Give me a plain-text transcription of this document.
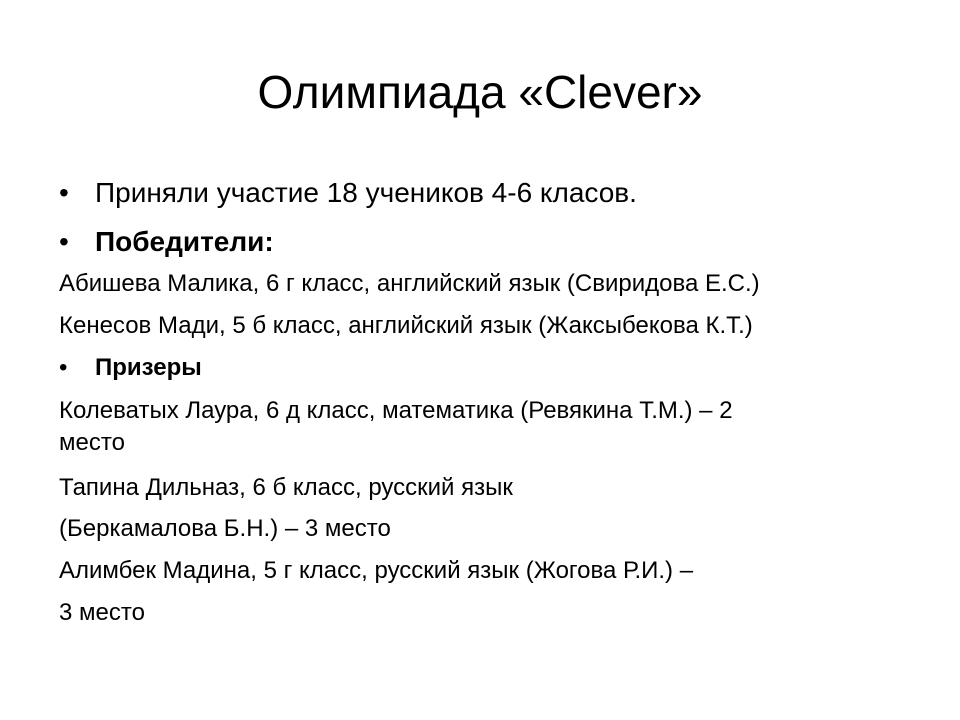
Олимпиада «Clever»
• Приняли участие 18 учеников 4-6 класов.
• Победители:

Абишева Малика, 6 г класс, английский язык (Свиридова Е.С.)

Кенесов Мади, 5 б класс, английский язык (Жаксыбекова К.Т.)

• Призеры

Колеватых Лаура, 6 д класс, математика (Ревякина Т.М.) – 2

место

Тапина Дильназ, 6 б класс, русский язык

(Беркамалова Б.Н.) – 3 место

Алимбек Мадина, 5 г класс, русский язык (Жогова Р.И.) –

3 место
